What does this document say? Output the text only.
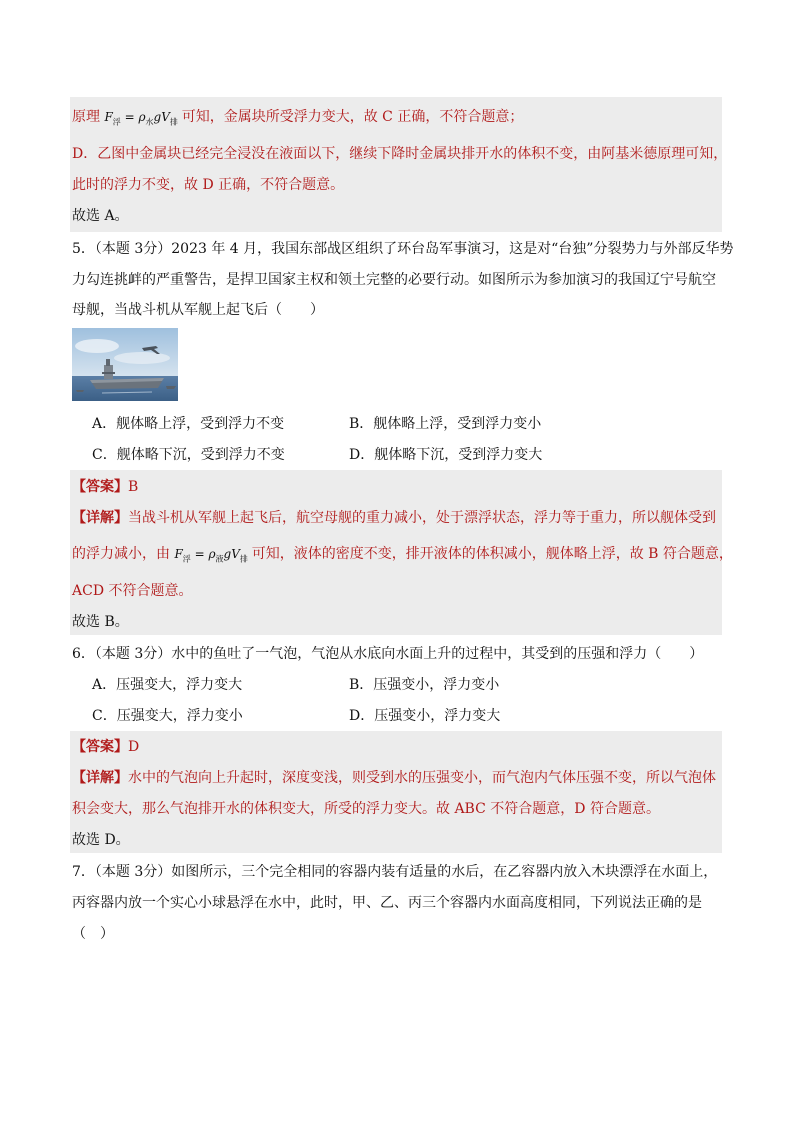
原理 $F_浮 = \rho_水gV_排$ 可知，金属块所受浮力变大，故 C 正确，不符合题意；
D．乙图中金属块已经完全浸没在液面以下，继续下降时金属块排开水的体积不变，由阿基米德原理可知，
此时的浮力不变，故 D 正确，不符合题意。
故选 A。
5．（本题 3分）2023 年 4 月，我国东部战区组织了环台岛军事演习，这是对“台独”分裂势力与外部反华势
力勾连挑衅的严重警告，是捍卫国家主权和领土完整的必要行动。如图所示为参加演习的我国辽宁号航空
母舰，当战斗机从军舰上起飞后（　　）
A．舰体略上浮，受到浮力不变	B．舰体略上浮，受到浮力变小
C．舰体略下沉，受到浮力不变	D．舰体略下沉，受到浮力变大
【答案】B
【详解】当战斗机从军舰上起飞后，航空母舰的重力减小，处于漂浮状态，浮力等于重力，所以舰体受到
的浮力减小，由 $F_浮 = \rho_液gV_排$ 可知，液体的密度不变，排开液体的体积减小，舰体略上浮，故 B 符合题意，
ACD 不符合题意。
故选 B。
6．（本题 3分）水中的鱼吐了一气泡，气泡从水底向水面上升的过程中，其受到的压强和浮力（　　）
A．压强变大，浮力变大	B．压强变小，浮力变小
C．压强变大，浮力变小	D．压强变小，浮力变大
【答案】D
【详解】水中的气泡向上升起时，深度变浅，则受到水的压强变小，而气泡内气体压强不变，所以气泡体
积会变大，那么气泡排开水的体积变大，所受的浮力变大。故 ABC 不符合题意，D 符合题意。
故选 D。
7．（本题 3分）如图所示，三个完全相同的容器内装有适量的水后，在乙容器内放入木块漂浮在水面上，
丙容器内放一个实心小球悬浮在水中，此时，甲、乙、丙三个容器内水面高度相同，下列说法正确的是
（　）
